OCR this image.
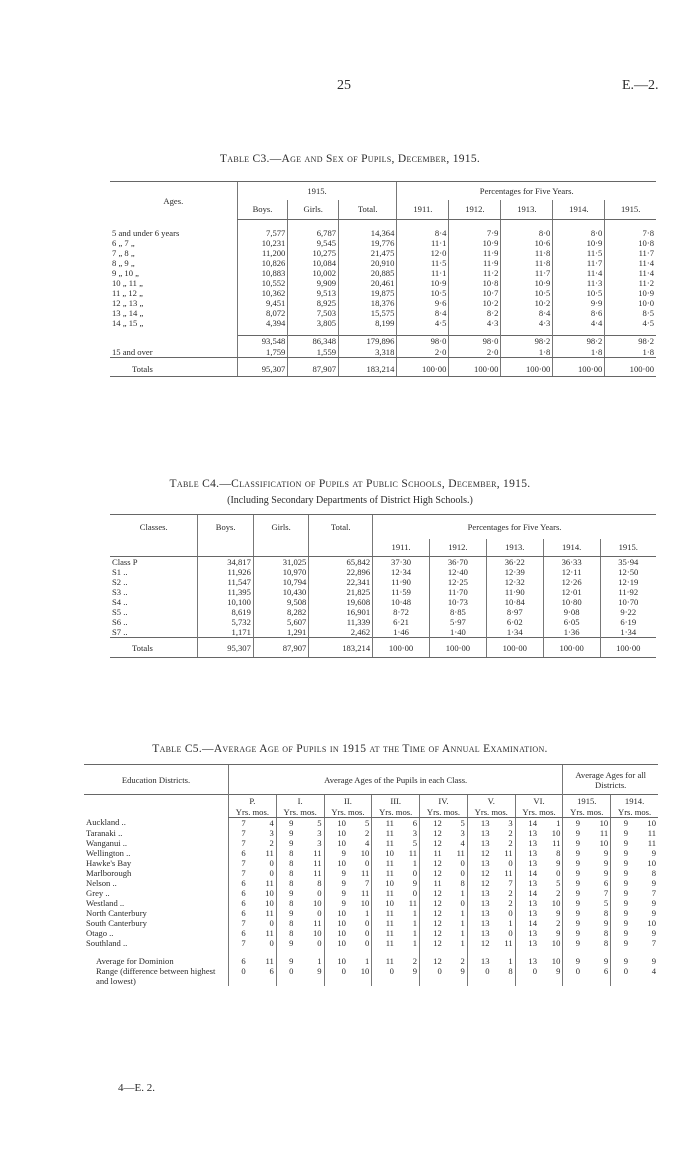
25	E.—2.
Table C3.—Age and Sex of Pupils, December, 1915.
Ages.	1915.			Percentages for Five Years.				
	Boys.	Girls.	Total.	1911.	1912.	1913.	1914.	1915.

5 and under 6 years	7,577	6,787	14,364	8·4	7·9	8·0	8·0	7·8
6 „ 7 „	10,231	9,545	19,776	11·1	10·9	10·6	10·9	10·8
7 „ 8 „	11,200	10,275	21,475	12·0	11·9	11·8	11·5	11·7
8 „ 9 „	10,826	10,084	20,910	11·5	11·9	11·8	11·7	11·4
9 „ 10 „	10,883	10,002	20,885	11·1	11·2	11·7	11·4	11·4
10 „ 11 „	10,552	9,909	20,461	10·9	10·8	10·9	11·3	11·2
11 „ 12 „	10,362	9,513	19,875	10·5	10·7	10·5	10·5	10·9
12 „ 13 „	9,451	8,925	18,376	9·6	10·2	10·2	9·9	10·0
13 „ 14 „	8,072	7,503	15,575	8·4	8·2	8·4	8·6	8·5
14 „ 15 „	4,394	3,805	8,199	4·5	4·3	4·3	4·4	4·5

	93,548	86,348	179,896	98·0	98·0	98·2	98·2	98·2
15 and over	1,759	1,559	3,318	2·0	2·0	1·8	1·8	1·8

Totals	95,307	87,907	183,214	100·00	100·00	100·00	100·00	100·00
Table C4.—Classification of Pupils at Public Schools, December, 1915.
(Including Secondary Departments of District High Schools.)
Classes.	Boys.	Girls.	Total.	Percentages for Five Years.				
				1911.	1912.	1913.	1914.	1915.
Class P	34,817	31,025	65,842	37·30	36·70	36·22	36·33	35·94
S1 ..	11,926	10,970	22,896	12·34	12·40	12·39	12·11	12·50
S2 ..	11,547	10,794	22,341	11·90	12·25	12·32	12·26	12·19
S3 ..	11,395	10,430	21,825	11·59	11·70	11·90	12·01	11·92
S4 ..	10,100	9,508	19,608	10·48	10·73	10·84	10·80	10·70
S5 ..	8,619	8,282	16,901	8·72	8·85	8·97	9·08	9·22
S6 ..	5,732	5,607	11,339	6·21	5·97	6·02	6·05	6·19
S7 ..	1,171	1,291	2,462	1·46	1·40	1·34	1·36	1·34
Totals	95,307	87,907	183,214	100·00	100·00	100·00	100·00	100·00
Table C5.—Average Age of Pupils in 1915 at the Time of Annual Examination.
Education Districts.	Average Ages of the Pupils in each Class.														Average Ages for all Districts.			
	P.		I.		II.		III.		IV.		V.		VI.		1915.		1914.	
	Yrs. mos.		Yrs. mos.		Yrs. mos.		Yrs. mos.		Yrs. mos.		Yrs. mos.		Yrs. mos.		Yrs. mos.		Yrs. mos.	
Auckland ..	7	4	9	5	10	5	11	6	12	5	13	3	14	1	9	10	9	10
Taranaki ..	7	3	9	3	10	2	11	3	12	3	13	2	13	10	9	11	9	11
Wanganui ..	7	2	9	3	10	4	11	5	12	4	13	2	13	11	9	10	9	11
Wellington ..	6	11	8	11	9	10	10	11	11	11	12	11	13	8	9	9	9	9
Hawke's Bay	7	0	8	11	10	0	11	1	12	0	13	0	13	9	9	9	9	10
Marlborough	7	0	8	11	9	11	11	0	12	0	12	11	14	0	9	9	9	8
Nelson ..	6	11	8	8	9	7	10	9	11	8	12	7	13	5	9	6	9	9
Grey ..	6	10	9	0	9	11	11	0	12	1	13	2	14	2	9	7	9	7
Westland ..	6	10	8	10	9	10	10	11	12	0	13	2	13	10	9	5	9	9
North Canterbury	6	11	9	0	10	1	11	1	12	1	13	0	13	9	9	8	9	9
South Canterbury	7	0	8	11	10	0	11	1	12	1	13	1	14	2	9	9	9	10
Otago ..	6	11	8	10	10	0	11	1	12	1	13	0	13	9	9	8	9	9
Southland ..	7	0	9	0	10	0	11	1	12	1	12	11	13	10	9	8	9	7

Average for Dominion	6	11	9	1	10	1	11	2	12	2	13	1	13	10	9	9	9	9
Range (difference between highest and lowest)	0	6	0	9	0	10	0	9	0	9	0	8	0	9	0	6	0	4
4—E. 2.
